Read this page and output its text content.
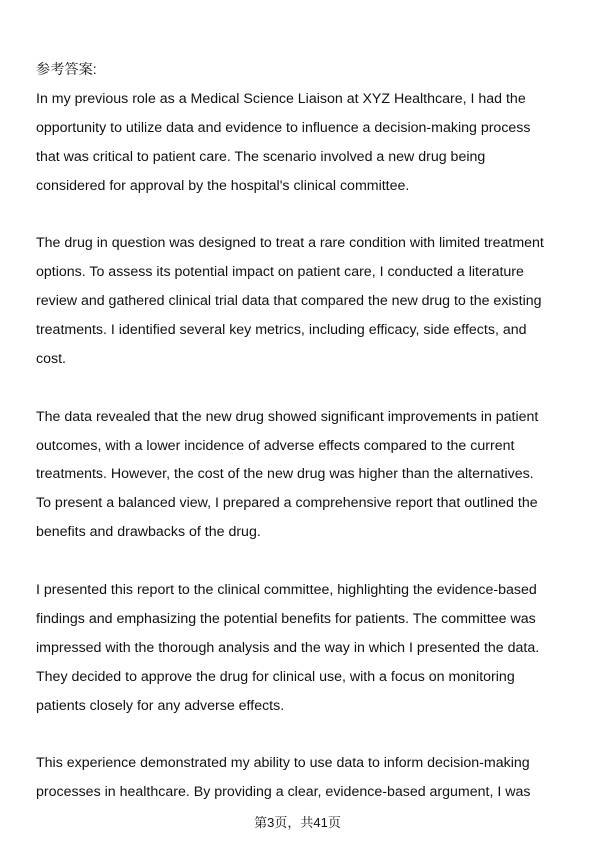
参考答案:

In my previous role as a Medical Science Liaison at XYZ Healthcare, I had the
opportunity to utilize data and evidence to influence a decision-making process
that was critical to patient care. The scenario involved a new drug being
considered for approval by the hospital's clinical committee.

The drug in question was designed to treat a rare condition with limited treatment
options. To assess its potential impact on patient care, I conducted a literature
review and gathered clinical trial data that compared the new drug to the existing
treatments. I identified several key metrics, including efficacy, side effects, and
cost.

The data revealed that the new drug showed significant improvements in patient
outcomes, with a lower incidence of adverse effects compared to the current
treatments. However, the cost of the new drug was higher than the alternatives.
To present a balanced view, I prepared a comprehensive report that outlined the
benefits and drawbacks of the drug.

I presented this report to the clinical committee, highlighting the evidence-based
findings and emphasizing the potential benefits for patients. The committee was
impressed with the thorough analysis and the way in which I presented the data.
They decided to approve the drug for clinical use, with a focus on monitoring
patients closely for any adverse effects.

This experience demonstrated my ability to use data to inform decision-making
processes in healthcare. By providing a clear, evidence-based argument, I was

第3页，共41页
